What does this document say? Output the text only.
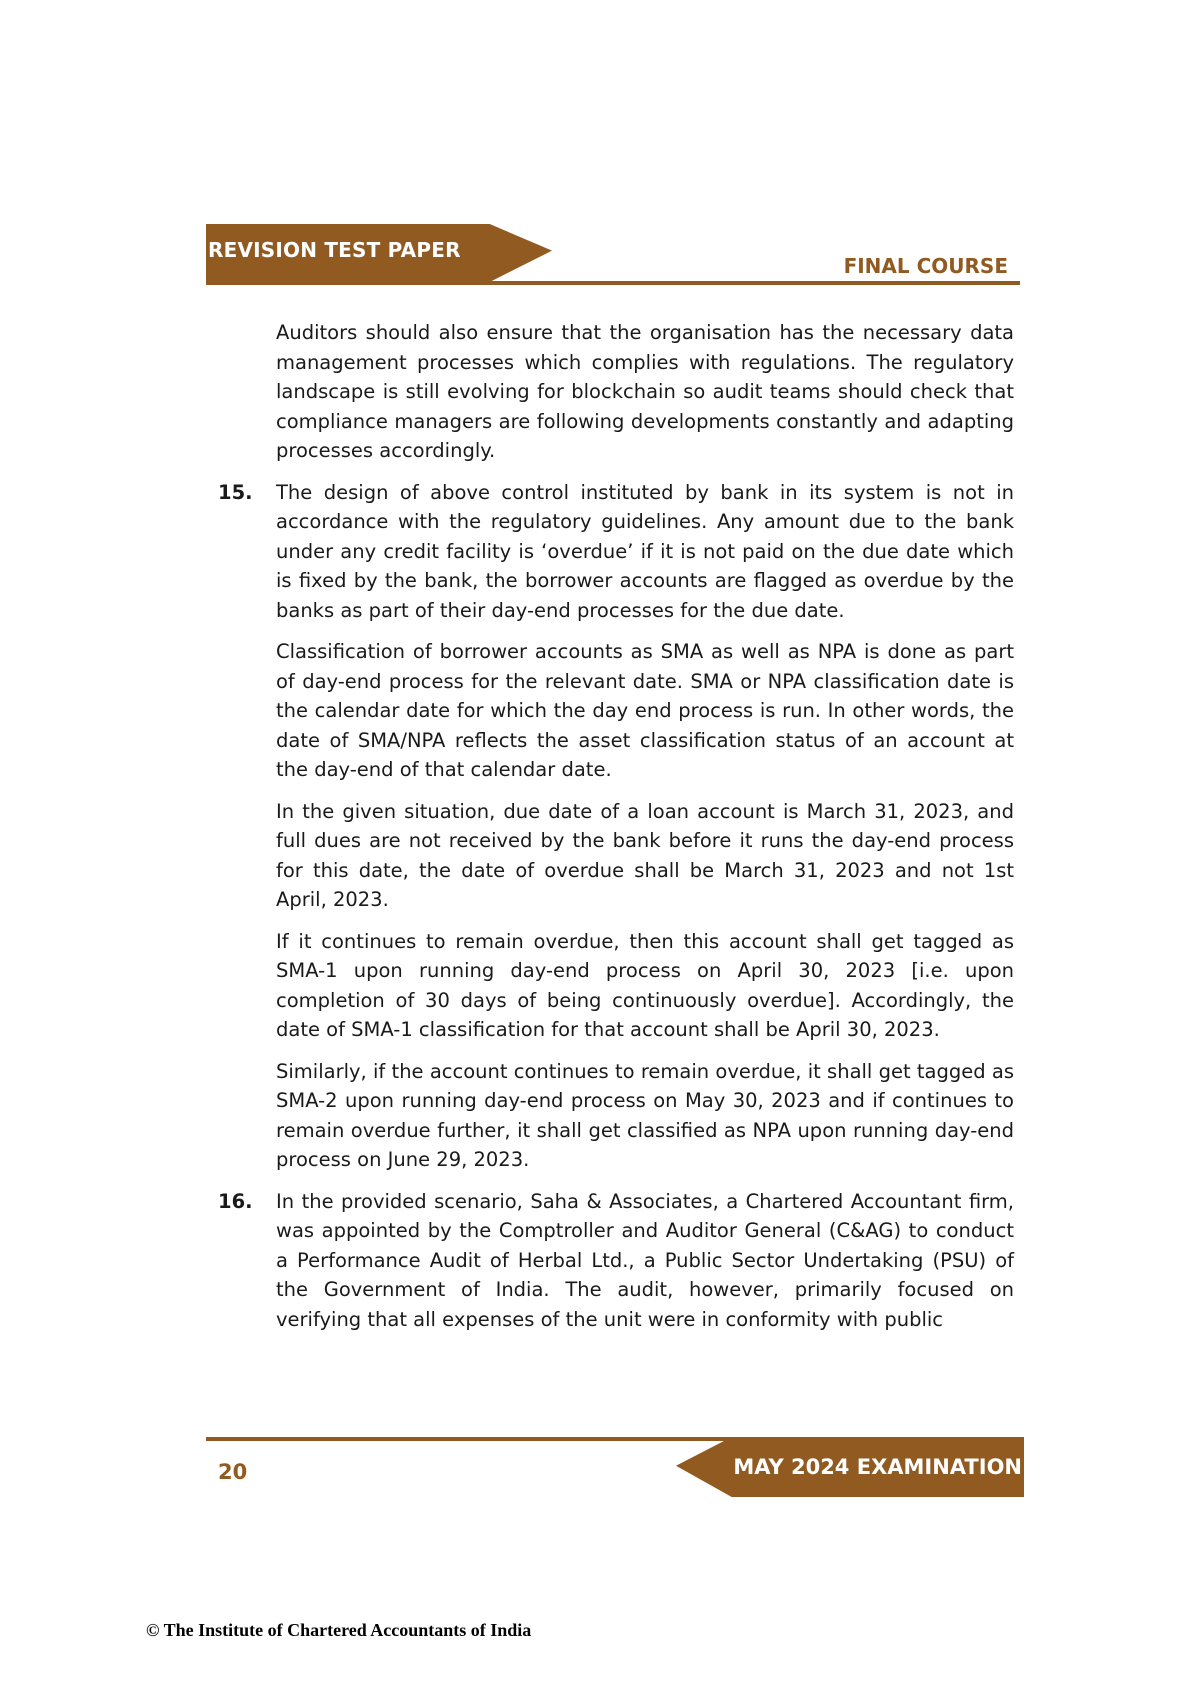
REVISION TEST PAPER
FINAL COURSE

Auditors should also ensure that the organisation has the necessary data management processes which complies with regulations. The regulatory landscape is still evolving for blockchain so audit teams should check that compliance managers are following developments constantly and adapting processes accordingly.

15. The design of above control instituted by bank in its system is not in accordance with the regulatory guidelines. Any amount due to the bank under any credit facility is ‘overdue’ if it is not paid on the due date which is fixed by the bank, the borrower accounts are flagged as overdue by the banks as part of their day-end processes for the due date.

Classification of borrower accounts as SMA as well as NPA is done as part of day-end process for the relevant date. SMA or NPA classification date is the calendar date for which the day end process is run. In other words, the date of SMA/NPA reflects the asset classification status of an account at the day-end of that calendar date.

In the given situation, due date of a loan account is March 31, 2023, and full dues are not received by the bank before it runs the day-end process for this date, the date of overdue shall be March 31, 2023 and not 1st April, 2023.

If it continues to remain overdue, then this account shall get tagged as SMA-1 upon running day-end process on April 30, 2023 [i.e. upon completion of 30 days of being continuously overdue]. Accordingly, the date of SMA-1 classification for that account shall be April 30, 2023.

Similarly, if the account continues to remain overdue, it shall get tagged as SMA-2 upon running day-end process on May 30, 2023 and if continues to remain overdue further, it shall get classified as NPA upon running day-end process on June 29, 2023.

16. In the provided scenario, Saha & Associates, a Chartered Accountant firm, was appointed by the Comptroller and Auditor General (C&AG) to conduct a Performance Audit of Herbal Ltd., a Public Sector Undertaking (PSU) of the Government of India. The audit, however, primarily focused on verifying that all expenses of the unit were in conformity with public

MAY 2024 EXAMINATION
20
© The Institute of Chartered Accountants of India
